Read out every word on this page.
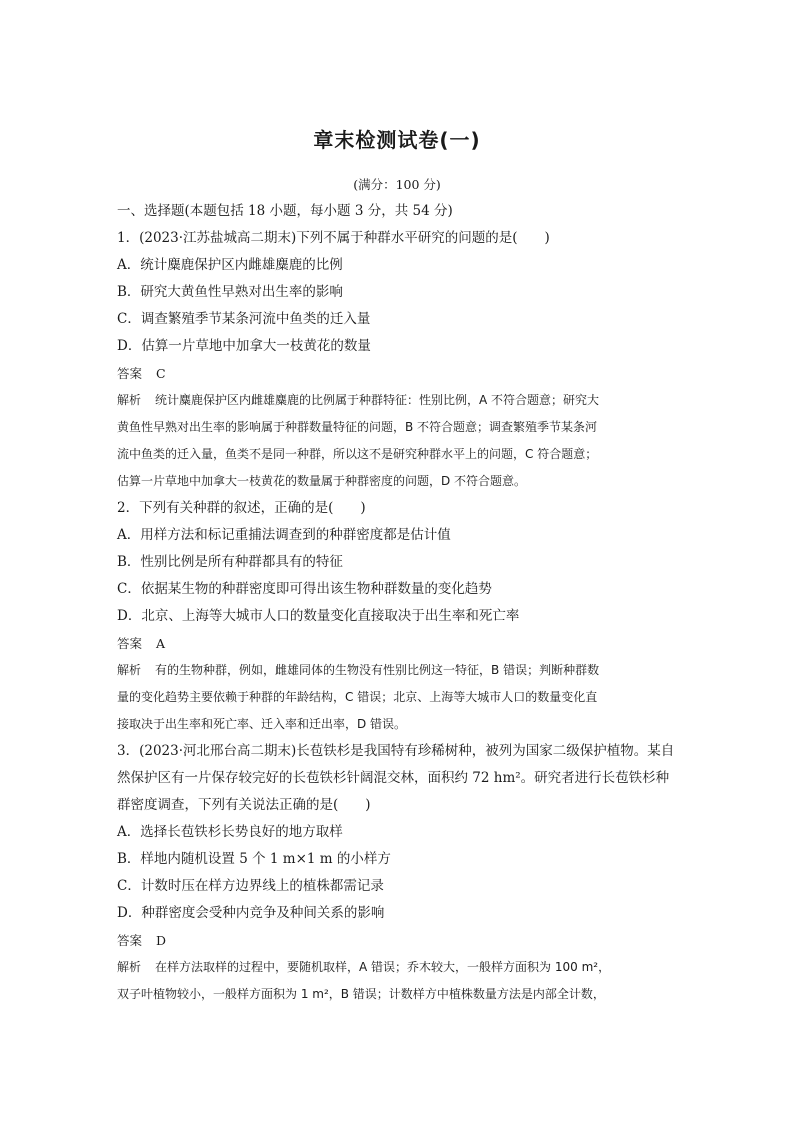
章末检测试卷(一)
(满分：100 分)
一、选择题(本题包括 18 小题，每小题 3 分，共 54 分)
1．(2023·江苏盐城高二期末)下列不属于种群水平研究的问题的是(　　)
A．统计麋鹿保护区内雌雄麋鹿的比例
B．研究大黄鱼性早熟对出生率的影响
C．调查繁殖季节某条河流中鱼类的迁入量
D．估算一片草地中加拿大一枝黄花的数量
答案 C
解析 统计麋鹿保护区内雌雄麋鹿的比例属于种群特征：性别比例，A 不符合题意；研究大
黄鱼性早熟对出生率的影响属于种群数量特征的问题，B 不符合题意；调查繁殖季节某条河
流中鱼类的迁入量，鱼类不是同一种群，所以这不是研究种群水平上的问题，C 符合题意；
估算一片草地中加拿大一枝黄花的数量属于种群密度的问题，D 不符合题意。
2．下列有关种群的叙述，正确的是(　　)
A．用样方法和标记重捕法调查到的种群密度都是估计值
B．性别比例是所有种群都具有的特征
C．依据某生物的种群密度即可得出该生物种群数量的变化趋势
D．北京、上海等大城市人口的数量变化直接取决于出生率和死亡率
答案 A
解析 有的生物种群，例如，雌雄同体的生物没有性别比例这一特征，B 错误；判断种群数
量的变化趋势主要依赖于种群的年龄结构，C 错误；北京、上海等大城市人口的数量变化直
接取决于出生率和死亡率、迁入率和迁出率，D 错误。
3．(2023·河北邢台高二期末)长苞铁杉是我国特有珍稀树种，被列为国家二级保护植物。某自
然保护区有一片保存较完好的长苞铁杉针阔混交林，面积约 72 hm²。研究者进行长苞铁杉种
群密度调查，下列有关说法正确的是(　　)
A．选择长苞铁杉长势良好的地方取样
B．样地内随机设置 5 个 1 m×1 m 的小样方
C．计数时压在样方边界线上的植株都需记录
D．种群密度会受种内竞争及种间关系的影响
答案 D
解析 在样方法取样的过程中，要随机取样，A 错误；乔木较大，一般样方面积为 100 m²，
双子叶植物较小，一般样方面积为 1 m²，B 错误；计数样方中植株数量方法是内部全计数，
